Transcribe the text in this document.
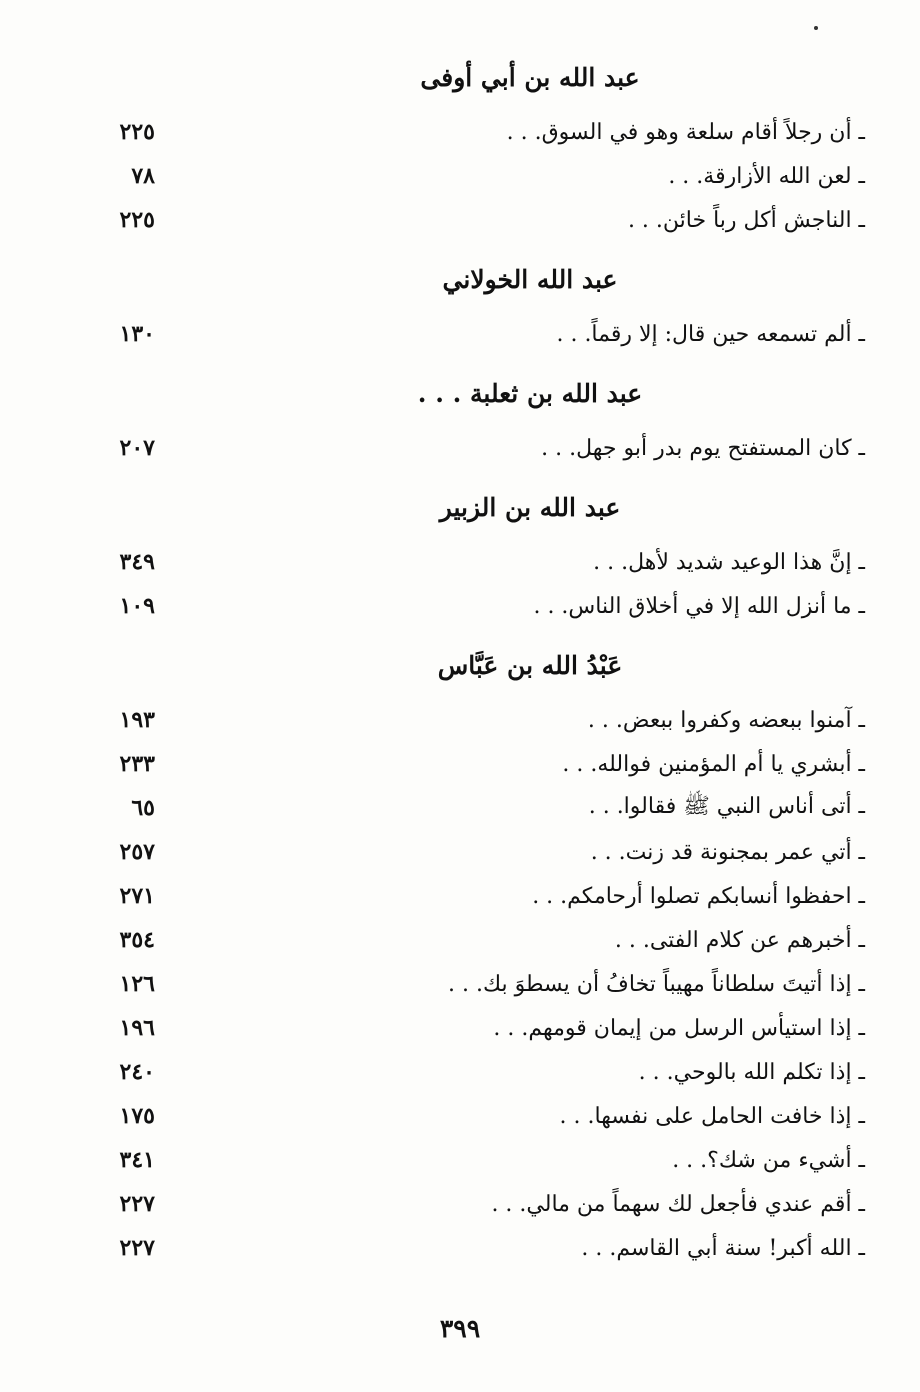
عبد الله بن أبي أوفى
ـ أن رجلاً أقام سلعة وهو في السوق. . .
٢٢٥
ـ لعن الله الأزارقة. . .
٧٨
ـ الناجش أكل رباً خائن. . .
٢٢٥
عبد الله الخولاني
ـ ألم تسمعه حين قال: إلا رقماً. . .
١٣٠
عبد الله بن ثعلبة . . .
ـ كان المستفتح يوم بدر أبو جهل. . .
٢٠٧
عبد الله بن الزبير
ـ إنَّ هذا الوعيد شديد لأهل. . .
٣٤٩
ـ ما أنزل الله إلا في أخلاق الناس. . .
١٠٩
عَبْدُ الله بن عَبَّاس
ـ آمنوا ببعضه وكفروا ببعض. . .
١٩٣
ـ أبشري يا أم المؤمنين فوالله. . .
٢٣٣
ـ أتى أناس النبي ﷺ فقالوا. . .
٦٥
ـ أتي عمر بمجنونة قد زنت. . .
٢٥٧
ـ احفظوا أنسابكم تصلوا أرحامكم. . .
٢٧١
ـ أخبرهم عن كلام الفتى. . .
٣٥٤
ـ إذا أتيتَ سلطاناً مهيباً تخافُ أن يسطوَ بك. . .
١٢٦
ـ إذا استيأس الرسل من إيمان قومهم. . .
١٩٦
ـ إذا تكلم الله بالوحي. . .
٢٤٠
ـ إذا خافت الحامل على نفسها. . .
١٧٥
ـ أشيء من شك؟. . .
٣٤١
ـ أقم عندي فأجعل لك سهماً من مالي. . .
٢٢٧
ـ الله أكبر! سنة أبي القاسم. . .
٢٢٧
٣٩٩
